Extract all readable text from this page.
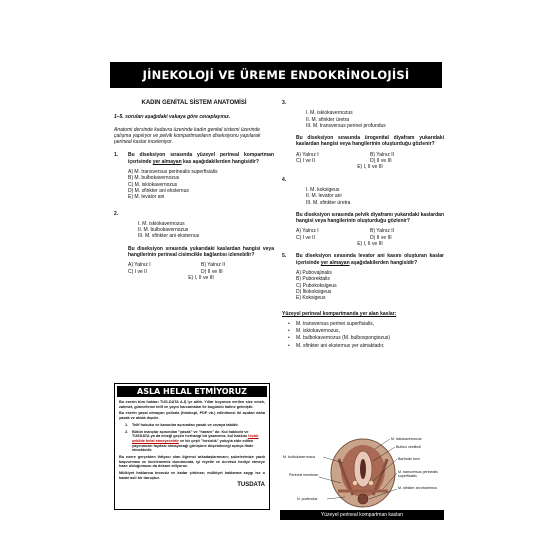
JİNEKOLOJİ VE ÜREME ENDOKRİNOLOJİSİ
KADIN GENİTAL SİSTEM ANATOMİSİ
1–5. soruları aşağıdaki vakaya göre cevaplayınız.
Anatomi dersinde kadavra üzerinde kadın genital sistemi üzerinde çalışma yapılıyor ve pelvik kompartmanların diseksiyonu yapılarak perineal kaslar inceleniyor.
1.	Bu diseksiyon sırasında yüzeyel perineal kompartman içerisinde yer almayan kas aşağıdakilerden hangisidir?
A) M. transversus perinealis superfisialis
B) M. bulbokavernozus
C) M. iskiokavernozus
D) M. sfinkter ani eksternus
E) M. levator ani
2.
I. M. iskiokavernozus
II. M. bulbokavernozus
III. M. sfinkter ani eksternus
Bu diseksiyon sırasında yukarıdaki kaslardan hangisi veya hangilerinin perineal cisimcikle bağlantısı izlenebilir?
A) Yalnız I	B) Yalnız II
C) I ve II	D) II ve III
E) I, II ve III
ASLA HELAL ETMİYORUZ

Bu eserin tüm hakları TUS-DATA A.Ş.'ye aittir. Yıllar boyunca verilen size emek, zahmet, güncelleme telif ve yayın harcamaları ile bugünkü haline gelmiştir.

Bu eserin yasal olmayan yollarla (fotokopi, PDF vb.) edinilmesi iki açıdan daha yasak ve ahlak dışıdır.

1.	Telif hukuku ve kanunlar açısından yasak ve cezaya tabidir.
2.	Bütün inançlar açısından "yasak" ve "haram" dır. Kul hakkıdır ve TUSDATA ya da emeği geçen herhangi bir yazarımız, kul hakkını hiçbir şekilde helal etmeyecektir ve bir çeşit "hırsızlık" yoluyla elde edilen yayınımızın faydası olmayacağı görüşüne düşebileceği açıkça ifade etmektedir.

Bu esere gerçekten ihtiyacı olan öğrenci arkadaşlarımızın; şubelerimize yazılı başvurması ve incelememiz durumunda, iyi niyetle ve ücretsiz hediye etmeye hazır olduğumuzu da dekare ediyoruz.

Mülkiyet haklarına tecavüz ve kadar çirkinse; mülkiyet haklarına saygı ise o kadar asil bir duruştur.

TUSDATA
3.
I. M. iskiokavernozus
II. M. sfinkter üretra
III. M. transversus perinei profundus
Bu diseksiyon sırasında ürogenital diyafram yukarıdaki kaslardan hangisi veya hangilerinin oluşturduğu gözlenir?
A) Yalnız I	B) Yalnız II
C) I ve II	D) II ve III
E) I, II ve III
4.
I. M. koksigeus
II. M. levator ani
III. M. sfinkter üretra
Bu diseksiyon sırasında pelvik diyaframı yukarıdaki kaslardan hangisi veya hangilerinin oluşturduğu gözlenir?
A) Yalnız I	B) Yalnız II
C) I ve II	D) II ve III
E) I, II ve III
5.	Bu diseksiyon sırasında levator ani kasını oluşturan kaslar içerisinde yer almayan aşağıdakilerden hangisidir?
A) Pubovajinalis
B) Puborektalis
C) Pubokoksigeus
D) İliokoksigeus
E) Koksigeus
Yüzeyel perineal kompartmanda yer alan kaslar:
•	M. transversus perinei superfisialis,
•	M. iskiokavernozus,
•	M. bulbokavernozus (M. bulbospongiozus)
•	M. sfinkter ani eksternus yer almaktadır.
M. iskiokavernozus
Bulbus vestibuli
M. bulbokavernozus	Bartholin bezi
Perineal membran
M. transversus perinealis superfisialis
M. sfinkter ani eksternus
N. pudendus
Yüzeyel perineal kompartman kasları
